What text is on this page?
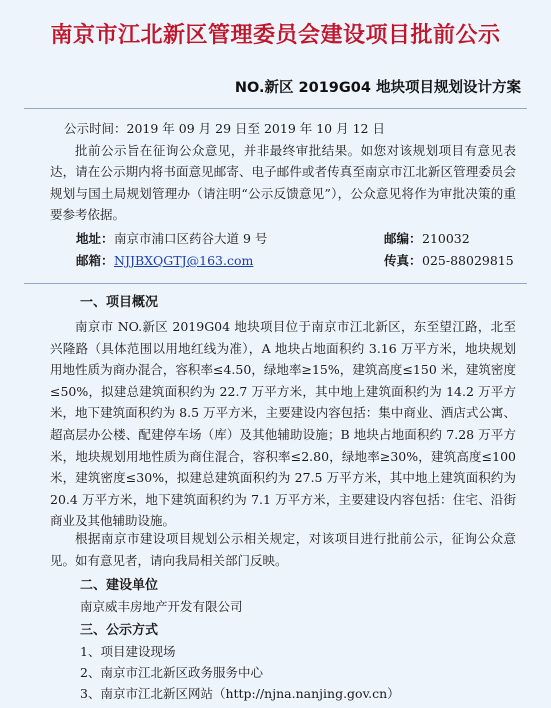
南京市江北新区管理委员会建设项目批前公示
NO.新区 2019G04 地块项目规划设计方案

公示时间：2019 年 09 月 29 日至 2019 年 10 月 12 日

批前公示旨在征询公众意见，并非最终审批结果。如您对该规划项目有意见表达，请在公示期内将书面意见邮寄、电子邮件或者传真至南京市江北新区管理委员会规划与国土局规划管理办（请注明“公示反馈意见”），公众意见将作为审批决策的重要参考依据。

地址： 南京市浦口区药谷大道 9 号	邮编： 210032
邮箱： NJJBXQGTJ@163.com	传真： 025-88029815
一、项目概况

南京市 NO.新区 2019G04 地块项目位于南京市江北新区，东至望江路，北至兴隆路（具体范围以用地红线为准），A 地块占地面积约 3.16 万平方米，地块规划用地性质为商办混合，容积率≤4.50，绿地率≥15%，建筑高度≤150 米，建筑密度≤50%，拟建总建筑面积约为 22.7 万平方米，其中地上建筑面积约为 14.2 万平方米，地下建筑面积约为 8.5 万平方米，主要建设内容包括：集中商业、酒店式公寓、超高层办公楼、配建停车场（库）及其他辅助设施；B 地块占地面积约 7.28 万平方米，地块规划用地性质为商住混合，容积率≤2.80，绿地率≥30%，建筑高度≤100 米，建筑密度≤30%，拟建总建筑面积约为 27.5 万平方米，其中地上建筑面积约为 20.4 万平方米，地下建筑面积约为 7.1 万平方米，主要建设内容包括：住宅、沿街商业及其他辅助设施。

根据南京市建设项目规划公示相关规定，对该项目进行批前公示，征询公众意见。如有意见者，请向我局相关部门反映。

二、建设单位
南京威丰房地产开发有限公司
三、公示方式
1、项目建设现场
2、南京市江北新区政务服务中心
3、南京市江北新区网站（http://njna.nanjing.gov.cn）
